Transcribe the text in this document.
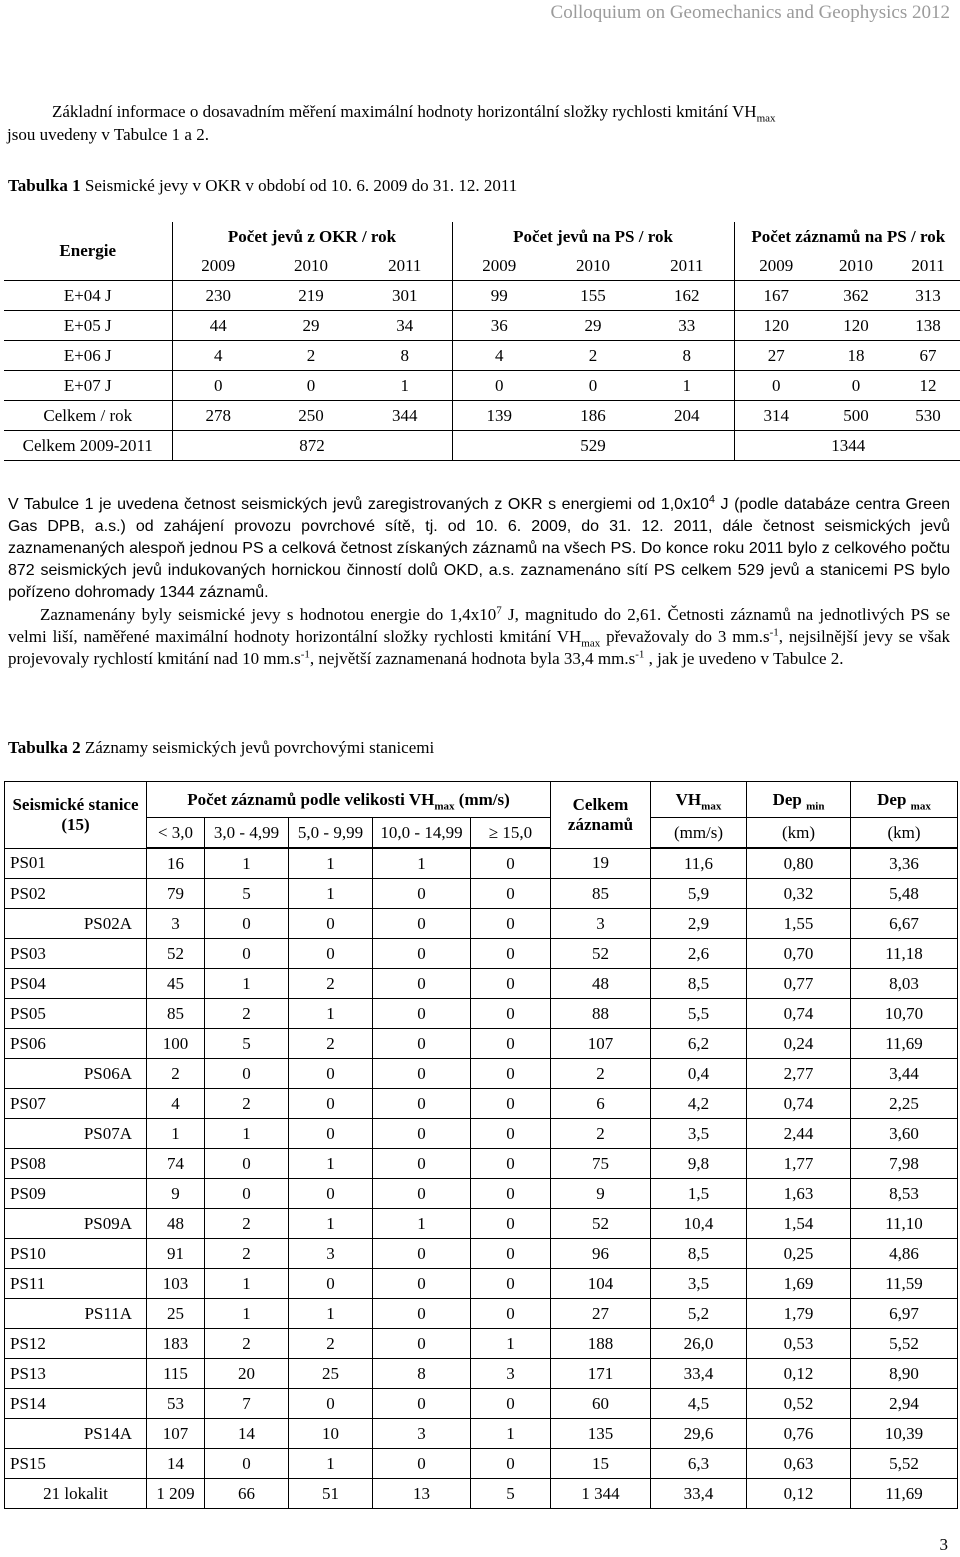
Colloquium on Geomechanics and Geophysics 2012
Základní informace o dosavadním měření maximální hodnoty horizontální složky rychlosti kmitání $VH_{max}$
jsou uvedeny v Tabulce 1 a 2.
Tabulka 1 Seismické jevy v OKR v období od 10. 6. 2009 do 31. 12. 2011
Energie	Počet jevů z OKR / rok			Počet jevů na PS / rok			Počet záznamů na PS / rok		
	2009	2010	2011	2009	2010	2011	2009	2010	2011
E+04 J	230	219	301	99	155	162	167	362	313
E+05 J	44	29	34	36	29	33	120	120	138
E+06 J	4	2	8	4	2	8	27	18	67
E+07 J	0	0	1	0	0	1	0	0	12
Celkem / rok	278	250	344	139	186	204	314	500	530
Celkem 2009-2011	872			529			1344		

V Tabulce 1 je uvedena četnost seismických jevů zaregistrovaných z OKR s energiemi od $1,0x10^4$ J (podle databáze centra Green Gas DPB, a.s.) od zahájení provozu povrchové sítě, tj. od 10. 6. 2009, do 31. 12. 2011, dále četnost seismických jevů zaznamenaných alespoň jednou PS a celková četnost získaných záznamů na všech PS. Do konce roku 2011 bylo z celkového počtu 872 seismických jevů indukovaných hornickou činností dolů OKD, a.s. zaznamenáno sítí PS celkem 529 jevů a stanicemi PS bylo pořízeno dohromady 1344 záznamů.

Zaznamenány byly seismické jevy s hodnotou energie do $1,4x10^7$ J, magnitudo do 2,61. Četnosti záznamů na jednotlivých PS se velmi liší, naměřené maximální hodnoty horizontální složky rychlosti kmitání $VH_{max}$ převažovaly do 3 $mm.s^{-1}$, nejsilnější jevy se však projevovaly rychlostí kmitání nad 10 $mm.s^{-1}$, největší zaznamenaná hodnota byla 33,4 $mm.s^{-1}$ , jak je uvedeno v Tabulce 2.

Tabulka 2 Záznamy seismických jevů povrchovými stanicemi
Seismické stanice (15)	Počet záznamů podle velikosti $VH_{max}$ (mm/s)					Celkem záznamů	$VH_{max}$	Dep $_{min}$	Dep $_{max}$
	< 3,0	3,0 - 4,99	5,0 - 9,99	10,0 - 14,99	≥ 15,0		(mm/s)	(km)	(km)
PS01	16	1	1	1	0	19	11,6	0,80	3,36
PS02	79	5	1	0	0	85	5,9	0,32	5,48
PS02A	3	0	0	0	0	3	2,9	1,55	6,67
PS03	52	0	0	0	0	52	2,6	0,70	11,18
PS04	45	1	2	0	0	48	8,5	0,77	8,03
PS05	85	2	1	0	0	88	5,5	0,74	10,70
PS06	100	5	2	0	0	107	6,2	0,24	11,69
PS06A	2	0	0	0	0	2	0,4	2,77	3,44
PS07	4	2	0	0	0	6	4,2	0,74	2,25
PS07A	1	1	0	0	0	2	3,5	2,44	3,60
PS08	74	0	1	0	0	75	9,8	1,77	7,98
PS09	9	0	0	0	0	9	1,5	1,63	8,53
PS09A	48	2	1	1	0	52	10,4	1,54	11,10
PS10	91	2	3	0	0	96	8,5	0,25	4,86
PS11	103	1	0	0	0	104	3,5	1,69	11,59
PS11A	25	1	1	0	0	27	5,2	1,79	6,97
PS12	183	2	2	0	1	188	26,0	0,53	5,52
PS13	115	20	25	8	3	171	33,4	0,12	8,90
PS14	53	7	0	0	0	60	4,5	0,52	2,94
PS14A	107	14	10	3	1	135	29,6	0,76	10,39
PS15	14	0	1	0	0	15	6,3	0,63	5,52
21 lokalit	1 209	66	51	13	5	1 344	33,4	0,12	11,69
3
